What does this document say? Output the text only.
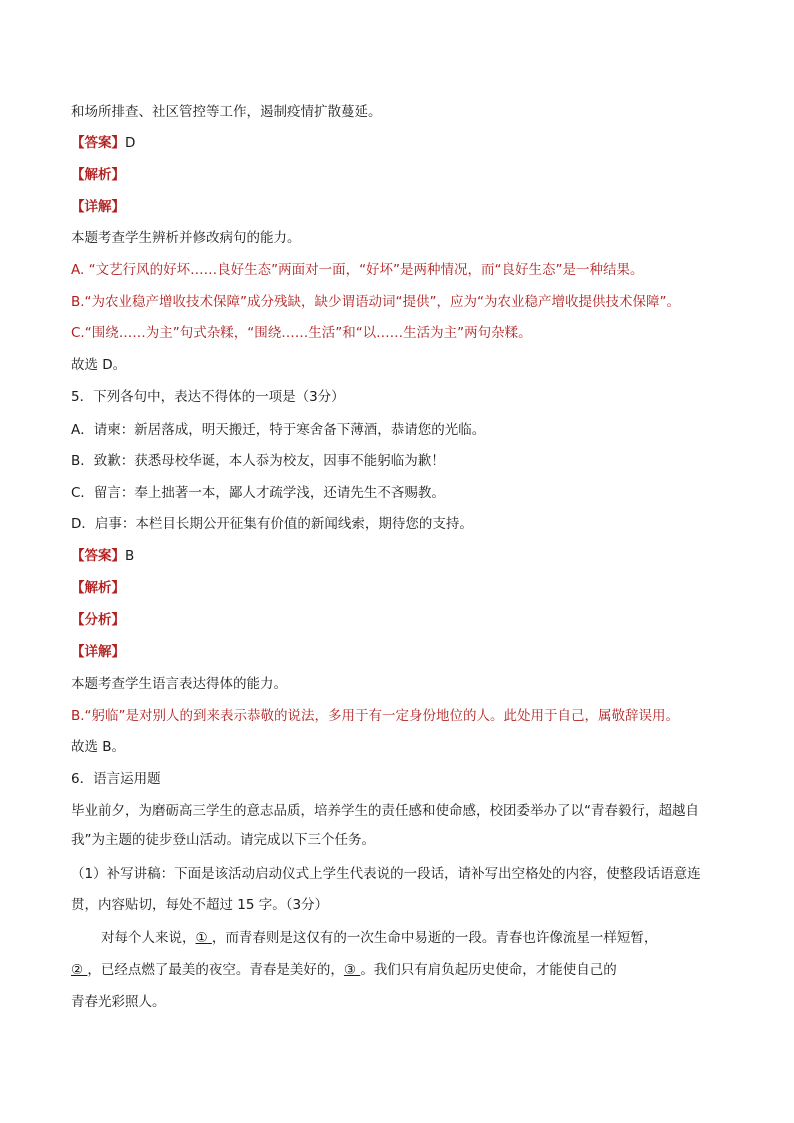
和场所排查、社区管控等工作，遏制疫情扩散蔓延。
【答案】D
【解析】
【详解】
本题考查学生辨析并修改病句的能力。
A. “文艺行风的好坏……良好生态”两面对一面，“好坏”是两种情况，而“良好生态”是一种结果。
B.“为农业稳产增收技术保障”成分残缺，缺少谓语动词“提供”，应为“为农业稳产增收提供技术保障”。
C.“围绕……为主”句式杂糅，“围绕……生活”和“以……生活为主”两句杂糅。
故选 D。
5．下列各句中，表达不得体的一项是（3分）
A．请柬：新居落成，明天搬迁，特于寒舍备下薄酒，恭请您的光临。
B．致歉：获悉母校华诞，本人忝为校友，因事不能躬临为歉！
C．留言：奉上拙著一本，鄙人才疏学浅，还请先生不吝赐教。
D．启事：本栏目长期公开征集有价值的新闻线索，期待您的支持。
【答案】B
【解析】
【分析】
【详解】
本题考查学生语言表达得体的能力。
B.“躬临”是对别人的到来表示恭敬的说法，多用于有一定身份地位的人。此处用于自己，属敬辞误用。
故选 B。
6．语言运用题
毕业前夕，为磨砺高三学生的意志品质，培养学生的责任感和使命感，校团委举办了以“青春毅行，超越自
我”为主题的徒步登山活动。请完成以下三个任务。
（1）补写讲稿：下面是该活动启动仪式上学生代表说的一段话，请补写出空格处的内容，使整段话语意连
贯，内容贴切，每处不超过 15 字。（3分）
对每个人来说，① ，而青春则是这仅有的一次生命中易逝的一段。青春也许像流星一样短暂，
② ，已经点燃了最美的夜空。青春是美好的，③ 。我们只有肩负起历史使命，才能使自己的
青春光彩照人。
